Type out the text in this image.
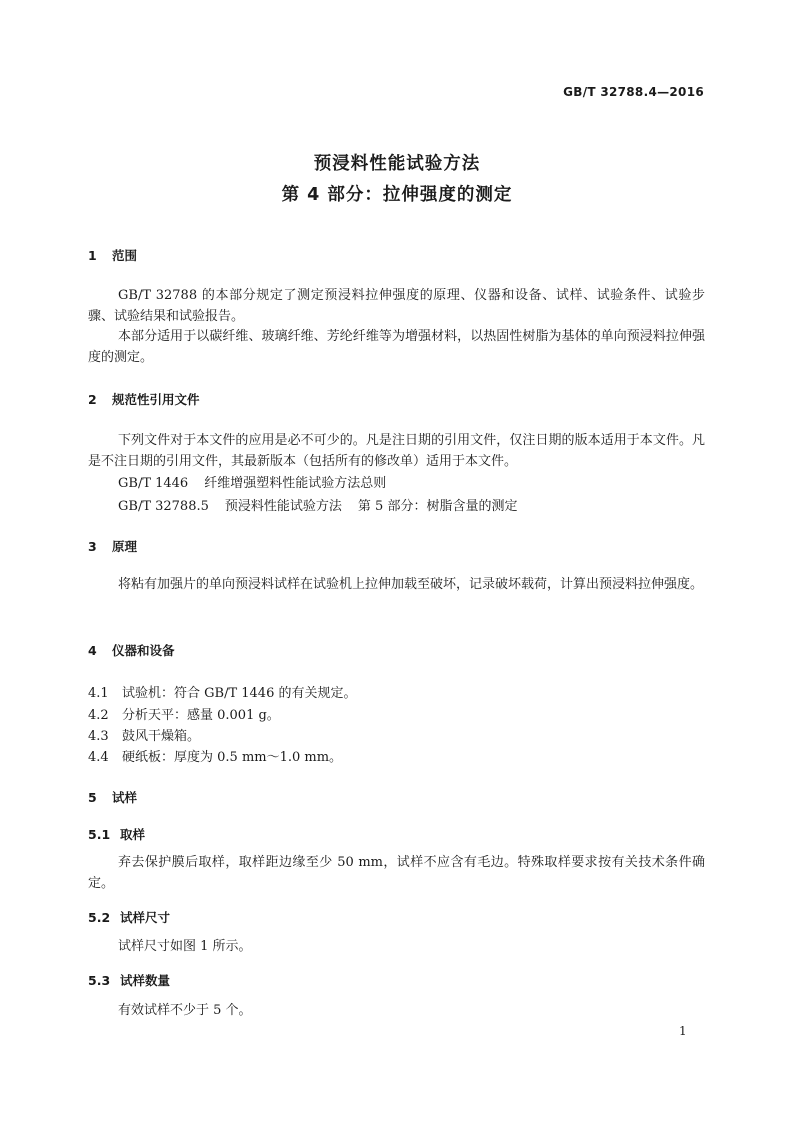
GB/T 32788.4—2016
预浸料性能试验方法
第 4 部分：拉伸强度的测定
1 范围
GB/T 32788 的本部分规定了测定预浸料拉伸强度的原理、仪器和设备、试样、试验条件、试验步骤、试验结果和试验报告。
本部分适用于以碳纤维、玻璃纤维、芳纶纤维等为增强材料，以热固性树脂为基体的单向预浸料拉伸强度的测定。
2 规范性引用文件
下列文件对于本文件的应用是必不可少的。凡是注日期的引用文件，仅注日期的版本适用于本文件。凡是不注日期的引用文件，其最新版本（包括所有的修改单）适用于本文件。
GB/T 1446 纤维增强塑料性能试验方法总则
GB/T 32788.5 预浸料性能试验方法 第 5 部分：树脂含量的测定
3 原理
将粘有加强片的单向预浸料试样在试验机上拉伸加载至破坏，记录破坏载荷，计算出预浸料拉伸强度。
4 仪器和设备
4.1 试验机：符合 GB/T 1446 的有关规定。
4.2 分析天平：感量 0.001 g。
4.3 鼓风干燥箱。
4.4 硬纸板：厚度为 0.5 mm～1.0 mm。
5 试样
5.1 取样
弃去保护膜后取样，取样距边缘至少 50 mm，试样不应含有毛边。特殊取样要求按有关技术条件确定。
5.2 试样尺寸
试样尺寸如图 1 所示。
5.3 试样数量
有效试样不少于 5 个。
1
